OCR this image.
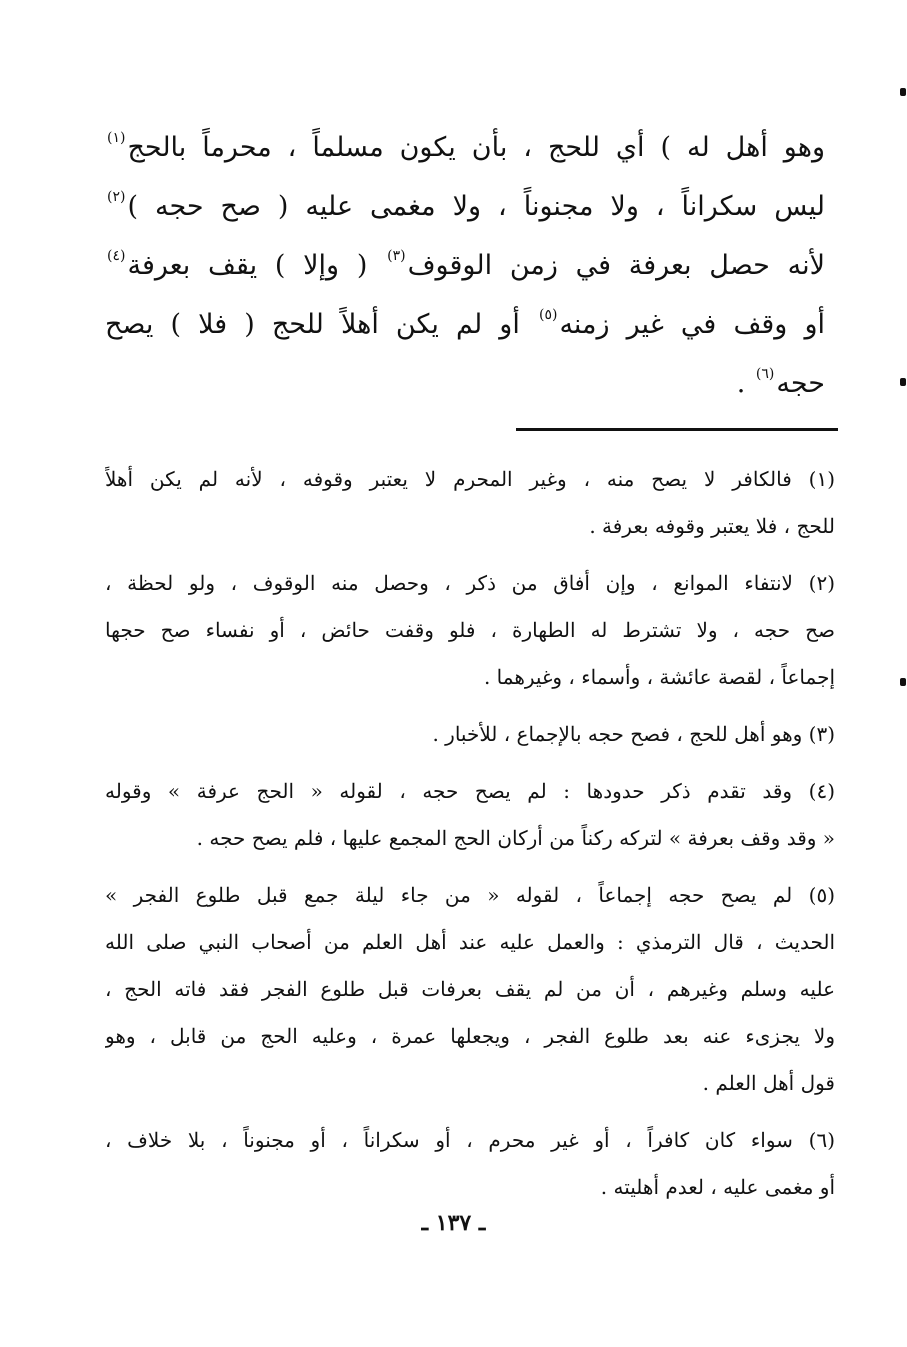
وهو أهل له ) أي للحج ، بأن يكون مسلماً ، محرماً بالحج$^{(١)}$
ليس سكراناً ، ولا مجنوناً ، ولا مغمى عليه ( صح حجه )$^{(٢)}$
لأنه حصل بعرفة في زمن الوقوف$^{(٣)}$ ( وإلا ) يقف بعرفة$^{(٤)}$
أو وقف في غير زمنه$^{(٥)}$ أو لم يكن أهلاً للحج ( فلا ) يصح
حجه$^{(٦)}$ .
(١) فالكافر لا يصح منه ، وغير المحرم لا يعتبر وقوفه ، لأنه لم يكن أهلاً
للحج ، فلا يعتبر وقوفه بعرفة .
(٢) لانتفاء الموانع ، وإن أفاق من ذكر ، وحصل منه الوقوف ، ولو لحظة ،
صح حجه ، ولا تشترط له الطهارة ، فلو وقفت حائض ، أو نفساء صح حجها
إجماعاً ، لقصة عائشة ، وأسماء ، وغيرهما .
(٣) وهو أهل للحج ، فصح حجه بالإجماع ، للأخبار .
(٤) وقد تقدم ذكر حدودها : لم يصح حجه ، لقوله « الحج عرفة » وقوله
« وقد وقف بعرفة » لتركه ركناً من أركان الحج المجمع عليها ، فلم يصح حجه .
(٥) لم يصح حجه إجماعاً ، لقوله « من جاء ليلة جمع قبل طلوع الفجر »
الحديث ، قال الترمذي : والعمل عليه عند أهل العلم من أصحاب النبي صلى الله
عليه وسلم وغيرهم ، أن من لم يقف بعرفات قبل طلوع الفجر فقد فاته الحج ،
ولا يجزىء عنه بعد طلوع الفجر ، ويجعلها عمرة ، وعليه الحج من قابل ، وهو
قول أهل العلم .
(٦) سواء كان كافراً ، أو غير محرم ، أو سكراناً ، أو مجنوناً ، بلا خلاف ،
أو مغمى عليه ، لعدم أهليته .
ـ ١٣٧ ـ
